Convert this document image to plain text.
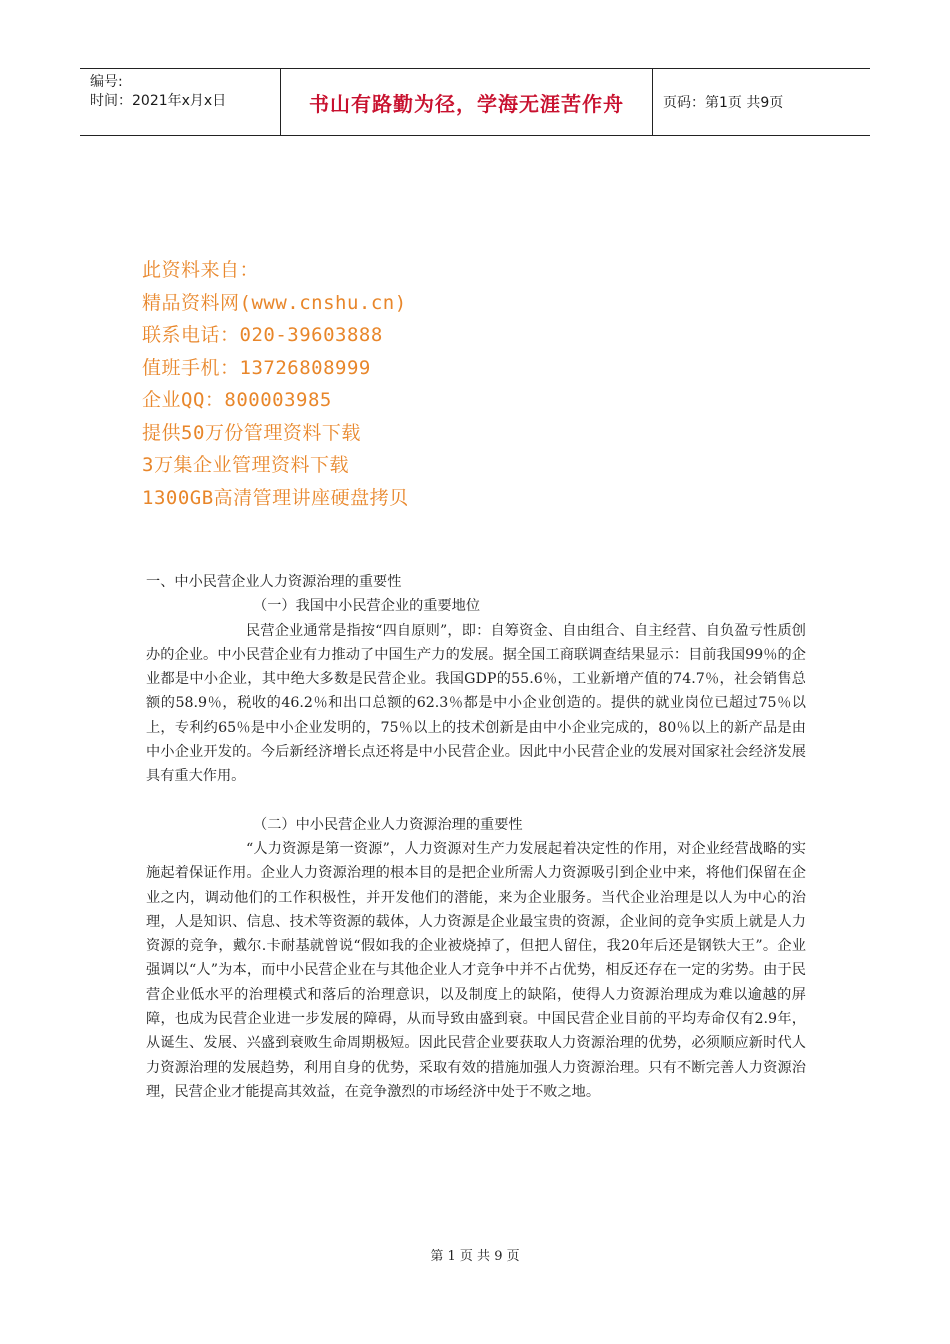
编号:
时间：2021年x月x日	书山有路勤为径，学海无涯苦作舟	页码：第1页 共9页
此资料来自：
精品资料网(www.cnshu.cn)
联系电话：020-39603888
值班手机：13726808999
企业QQ：800003985
提供50万份管理资料下载
3万集企业管理资料下载
1300GB高清管理讲座硬盘拷贝

一、中小民营企业人力资源治理的重要性

（一）我国中小民营企业的重要地位

民营企业通常是指按“四自原则”，即：自筹资金、自由组合、自主经营、自负盈亏性质创办的企业。中小民营企业有力推动了中国生产力的发展。据全国工商联调查结果显示：目前我国99％的企业都是中小企业，其中绝大多数是民营企业。我国GDP的55.6％，工业新增产值的74.7％，社会销售总额的58.9％，税收的46.2％和出口总额的62.3％都是中小企业创造的。提供的就业岗位已超过75％以上，专利约65％是中小企业发明的，75％以上的技术创新是由中小企业完成的，80％以上的新产品是由中小企业开发的。今后新经济增长点还将是中小民营企业。因此中小民营企业的发展对国家社会经济发展具有重大作用。

（二）中小民营企业人力资源治理的重要性

“人力资源是第一资源”，人力资源对生产力发展起着决定性的作用，对企业经营战略的实施起着保证作用。企业人力资源治理的根本目的是把企业所需人力资源吸引到企业中来，将他们保留在企业之内，调动他们的工作积极性，并开发他们的潜能，来为企业服务。当代企业治理是以人为中心的治理，人是知识、信息、技术等资源的载体，人力资源是企业最宝贵的资源，企业间的竞争实质上就是人力资源的竞争，戴尔.卡耐基就曾说“假如我的企业被烧掉了，但把人留住，我20年后还是钢铁大王”。企业强调以“人”为本，而中小民营企业在与其他企业人才竞争中并不占优势，相反还存在一定的劣势。由于民营企业低水平的治理模式和落后的治理意识，以及制度上的缺陷，使得人力资源治理成为难以逾越的屏障，也成为民营企业进一步发展的障碍，从而导致由盛到衰。中国民营企业目前的平均寿命仅有2.9年，从诞生、发展、兴盛到衰败生命周期极短。因此民营企业要获取人力资源治理的优势，必须顺应新时代人力资源治理的发展趋势，利用自身的优势，采取有效的措施加强人力资源治理。只有不断完善人力资源治理，民营企业才能提高其效益，在竞争激烈的市场经济中处于不败之地。

第 1 页 共 9 页
